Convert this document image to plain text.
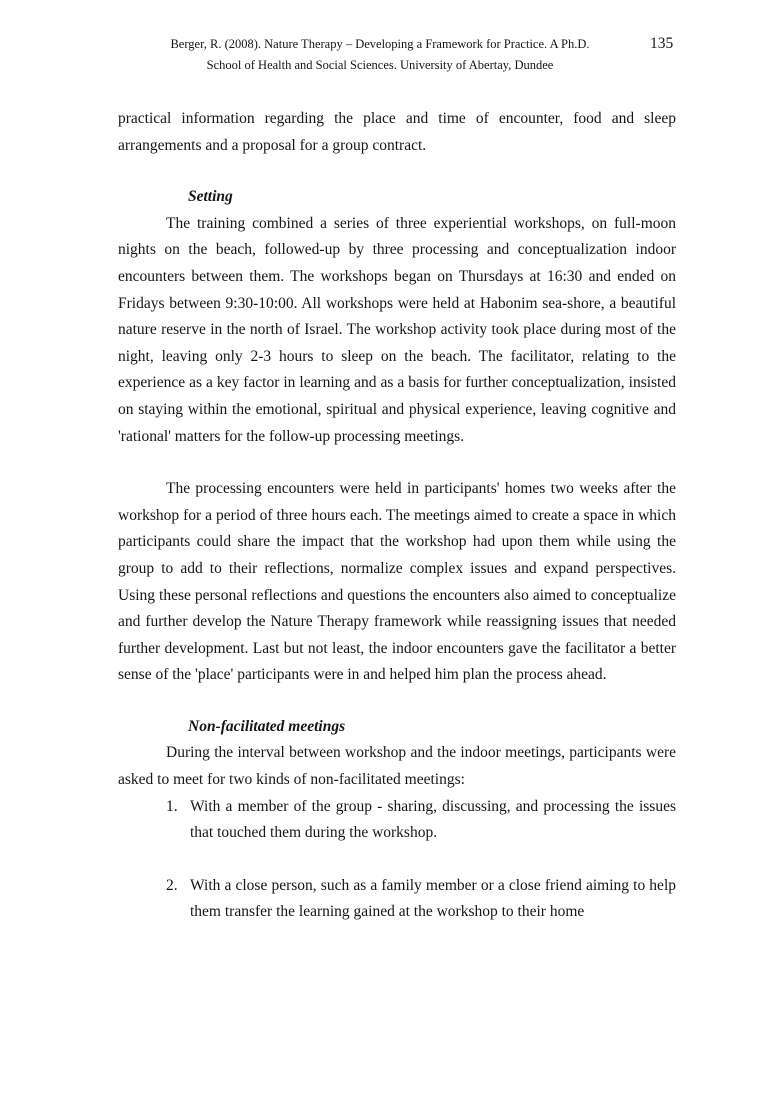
Berger, R. (2008). Nature Therapy – Developing a Framework for Practice. A Ph.D.
School of Health and Social Sciences. University of Abertay, Dundee
135

practical information regarding the place and time of encounter, food and sleep arrangements and a proposal for a group contract.

Setting

The training combined a series of three experiential workshops, on full-moon nights on the beach, followed-up by three processing and conceptualization indoor encounters between them. The workshops began on Thursdays at 16:30 and ended on Fridays between 9:30-10:00. All workshops were held at Habonim sea-shore, a beautiful nature reserve in the north of Israel. The workshop activity took place during most of the night, leaving only 2-3 hours to sleep on the beach. The facilitator, relating to the experience as a key factor in learning and as a basis for further conceptualization, insisted on staying within the emotional, spiritual and physical experience, leaving cognitive and 'rational' matters for the follow-up processing meetings.

The processing encounters were held in participants' homes two weeks after the workshop for a period of three hours each. The meetings aimed to create a space in which participants could share the impact that the workshop had upon them while using the group to add to their reflections, normalize complex issues and expand perspectives. Using these personal reflections and questions the encounters also aimed to conceptualize and further develop the Nature Therapy framework while reassigning issues that needed further development. Last but not least, the indoor encounters gave the facilitator a better sense of the 'place' participants were in and helped him plan the process ahead.

Non-facilitated meetings

During the interval between workshop and the indoor meetings, participants were asked to meet for two kinds of non-facilitated meetings:

1. With a member of the group - sharing, discussing, and processing the issues that touched them during the workshop.

2. With a close person, such as a family member or a close friend aiming to help them transfer the learning gained at the workshop to their home
